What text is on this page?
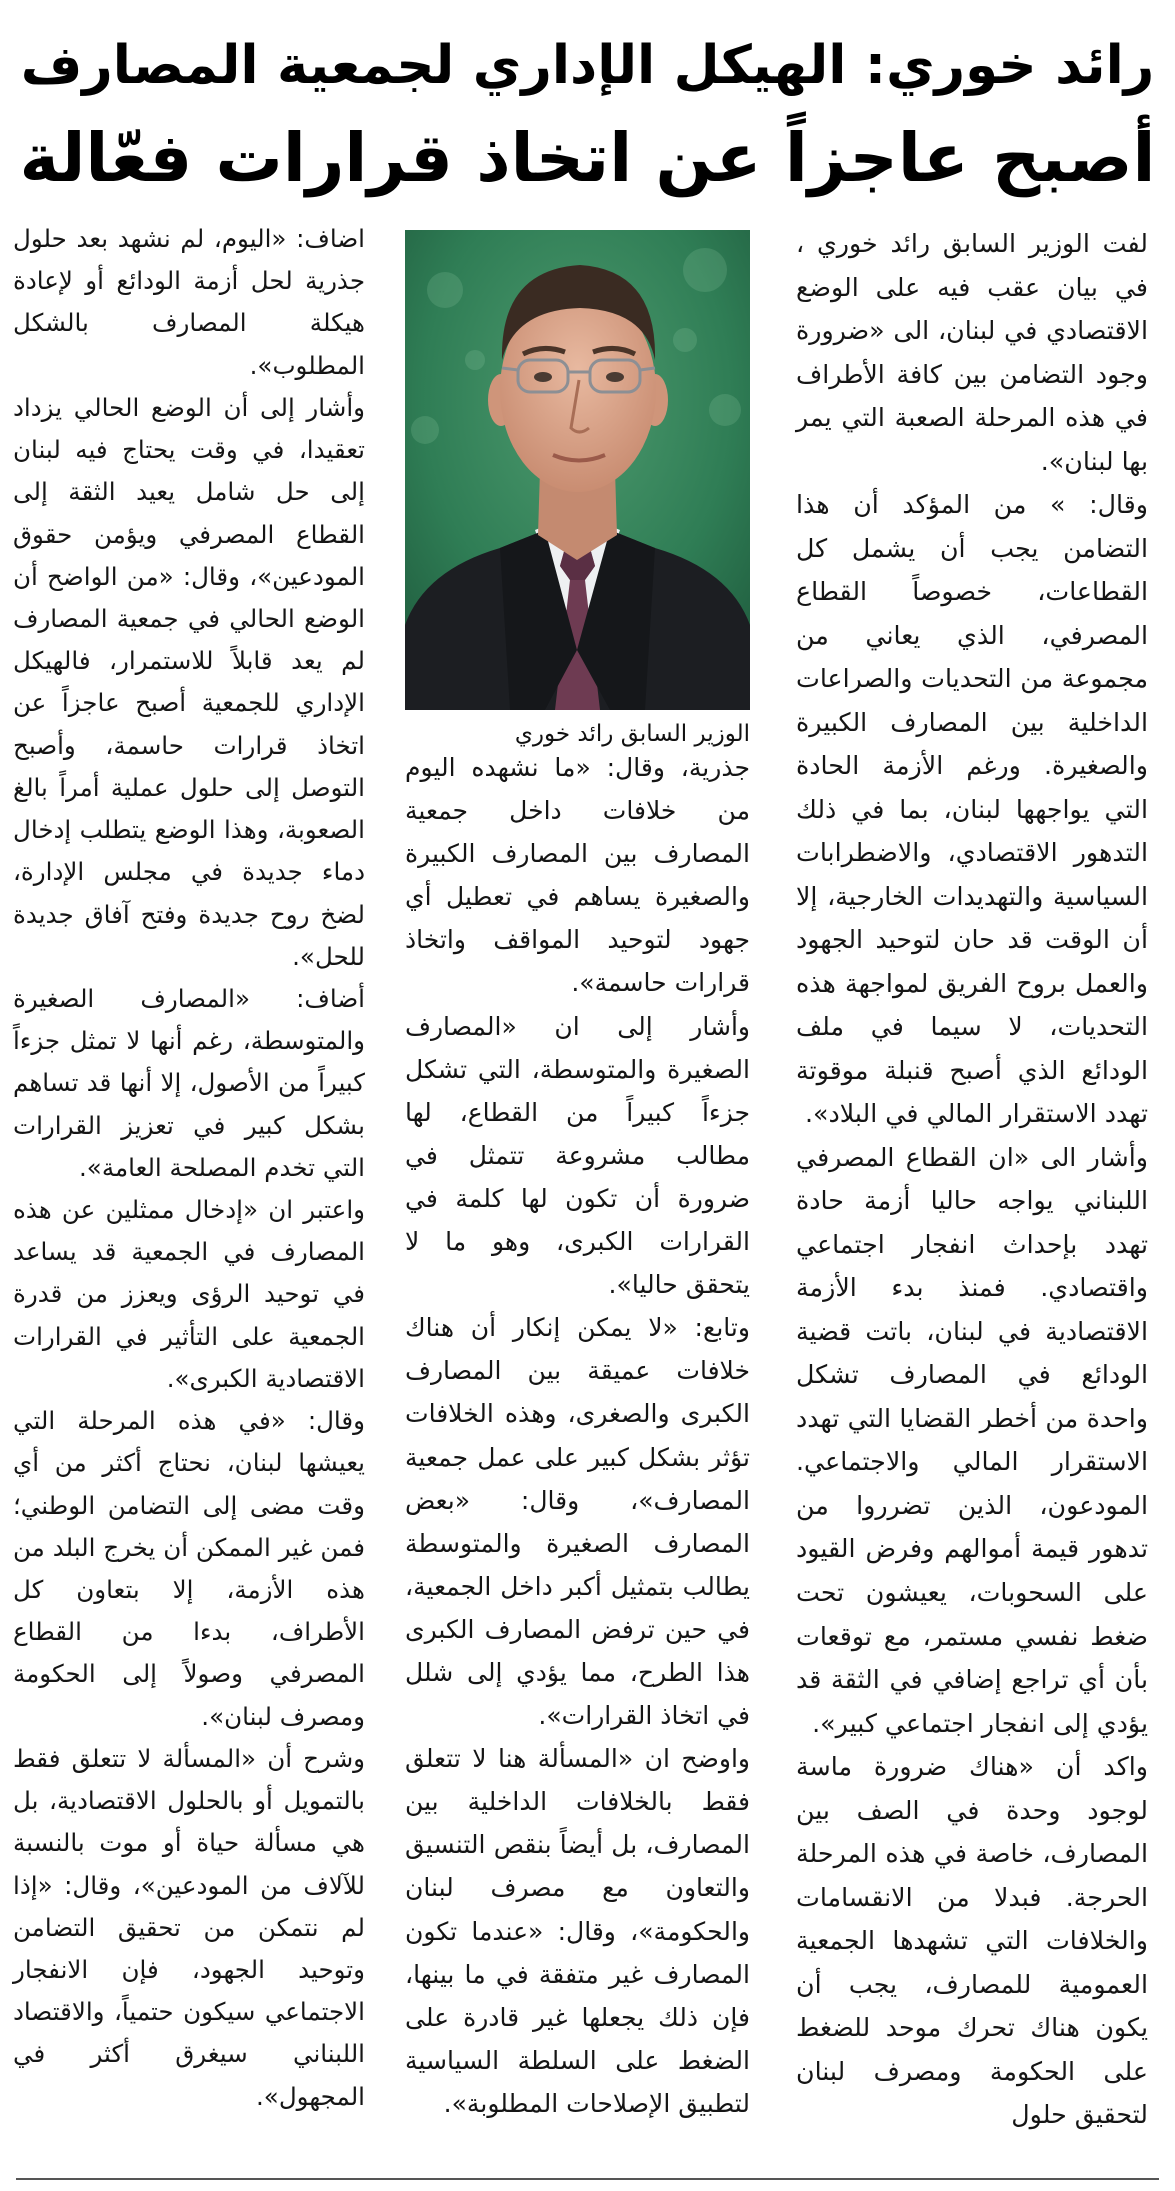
رائد خوري: الهيكل الإداري لجمعية المصارف
أصبح عاجزاً عن اتخاذ قرارات فعّالة

لفت الوزير السابق رائد خوري ، في بيان عقب فيه على الوضع الاقتصادي في لبنان، الى «ضرورة وجود التضامن بين كافة الأطراف في هذه المرحلة الصعبة التي يمر بها لبنان».

وقال: » من المؤكد أن هذا التضامن يجب أن يشمل كل القطاعات، خصوصاً القطاع المصرفي، الذي يعاني من مجموعة من التحديات والصراعات الداخلية بين المصارف الكبيرة والصغيرة. ورغم الأزمة الحادة التي يواجهها لبنان، بما في ذلك التدهور الاقتصادي، والاضطرابات السياسية والتهديدات الخارجية، إلا أن الوقت قد حان لتوحيد الجهود والعمل بروح الفريق لمواجهة هذه التحديات، لا سيما في ملف الودائع الذي أصبح قنبلة موقوتة تهدد الاستقرار المالي في البلاد».

وأشار الى «ان القطاع المصرفي اللبناني يواجه حاليا أزمة حادة تهدد بإحداث انفجار اجتماعي واقتصادي. فمنذ بدء الأزمة الاقتصادية في لبنان، باتت قضية الودائع في المصارف تشكل واحدة من أخطر القضايا التي تهدد الاستقرار المالي والاجتماعي. المودعون، الذين تضرروا من تدهور قيمة أموالهم وفرض القيود على السحوبات، يعيشون تحت ضغط نفسي مستمر، مع توقعات بأن أي تراجع إضافي في الثقة قد يؤدي إلى انفجار اجتماعي كبير».

واكد أن «هناك ضرورة ماسة لوجود وحدة في الصف بين المصارف، خاصة في هذه المرحلة الحرجة. فبدلا من الانقسامات والخلافات التي تشهدها الجمعية العمومية للمصارف، يجب أن يكون هناك تحرك موحد للضغط على الحكومة ومصرف لبنان لتحقيق حلول

الوزير السابق رائد خوري

جذرية، وقال: «ما نشهده اليوم من خلافات داخل جمعية المصارف بين المصارف الكبيرة والصغيرة يساهم في تعطيل أي جهود لتوحيد المواقف واتخاذ قرارات حاسمة».

وأشار إلى ان «المصارف الصغيرة والمتوسطة، التي تشكل جزءاً كبيراً من القطاع، لها مطالب مشروعة تتمثل في ضرورة أن تكون لها كلمة في القرارات الكبرى، وهو ما لا يتحقق حاليا».

وتابع: «لا يمكن إنكار أن هناك خلافات عميقة بين المصارف الكبرى والصغرى، وهذه الخلافات تؤثر بشكل كبير على عمل جمعية المصارف»، وقال: «بعض المصارف الصغيرة والمتوسطة يطالب بتمثيل أكبر داخل الجمعية، في حين ترفض المصارف الكبرى هذا الطرح، مما يؤدي إلى شلل في اتخاذ القرارات».

واوضح ان «المسألة هنا لا تتعلق فقط بالخلافات الداخلية بين المصارف، بل أيضاً بنقص التنسيق والتعاون مع مصرف لبنان والحكومة»، وقال: «عندما تكون المصارف غير متفقة في ما بينها، فإن ذلك يجعلها غير قادرة على الضغط على السلطة السياسية لتطبيق الإصلاحات المطلوبة».

اضاف: «اليوم، لم نشهد بعد حلول جذرية لحل أزمة الودائع أو لإعادة هيكلة المصارف بالشكل المطلوب».

وأشار إلى أن الوضع الحالي يزداد تعقيدا، في وقت يحتاج فيه لبنان إلى حل شامل يعيد الثقة إلى القطاع المصرفي ويؤمن حقوق المودعين»، وقال: «من الواضح أن الوضع الحالي في جمعية المصارف لم يعد قابلاً للاستمرار، فالهيكل الإداري للجمعية أصبح عاجزاً عن اتخاذ قرارات حاسمة، وأصبح التوصل إلى حلول عملية أمراً بالغ الصعوبة، وهذا الوضع يتطلب إدخال دماء جديدة في مجلس الإدارة، لضخ روح جديدة وفتح آفاق جديدة للحل».

أضاف: «المصارف الصغيرة والمتوسطة، رغم أنها لا تمثل جزءاً كبيراً من الأصول، إلا أنها قد تساهم بشكل كبير في تعزيز القرارات التي تخدم المصلحة العامة».

واعتبر ان «إدخال ممثلين عن هذه المصارف في الجمعية قد يساعد في توحيد الرؤى ويعزز من قدرة الجمعية على التأثير في القرارات الاقتصادية الكبرى».

وقال: «في هذه المرحلة التي يعيشها لبنان، نحتاج أكثر من أي وقت مضى إلى التضامن الوطني؛ فمن غير الممكن أن يخرج البلد من هذه الأزمة، إلا بتعاون كل الأطراف، بدءا من القطاع المصرفي وصولاً إلى الحكومة ومصرف لبنان».

وشرح أن «المسألة لا تتعلق فقط بالتمويل أو بالحلول الاقتصادية، بل هي مسألة حياة أو موت بالنسبة للآلاف من المودعين»، وقال: «إذا لم نتمكن من تحقيق التضامن وتوحيد الجهود، فإن الانفجار الاجتماعي سيكون حتمياً، والاقتصاد اللبناني سيغرق أكثر في المجهول».
